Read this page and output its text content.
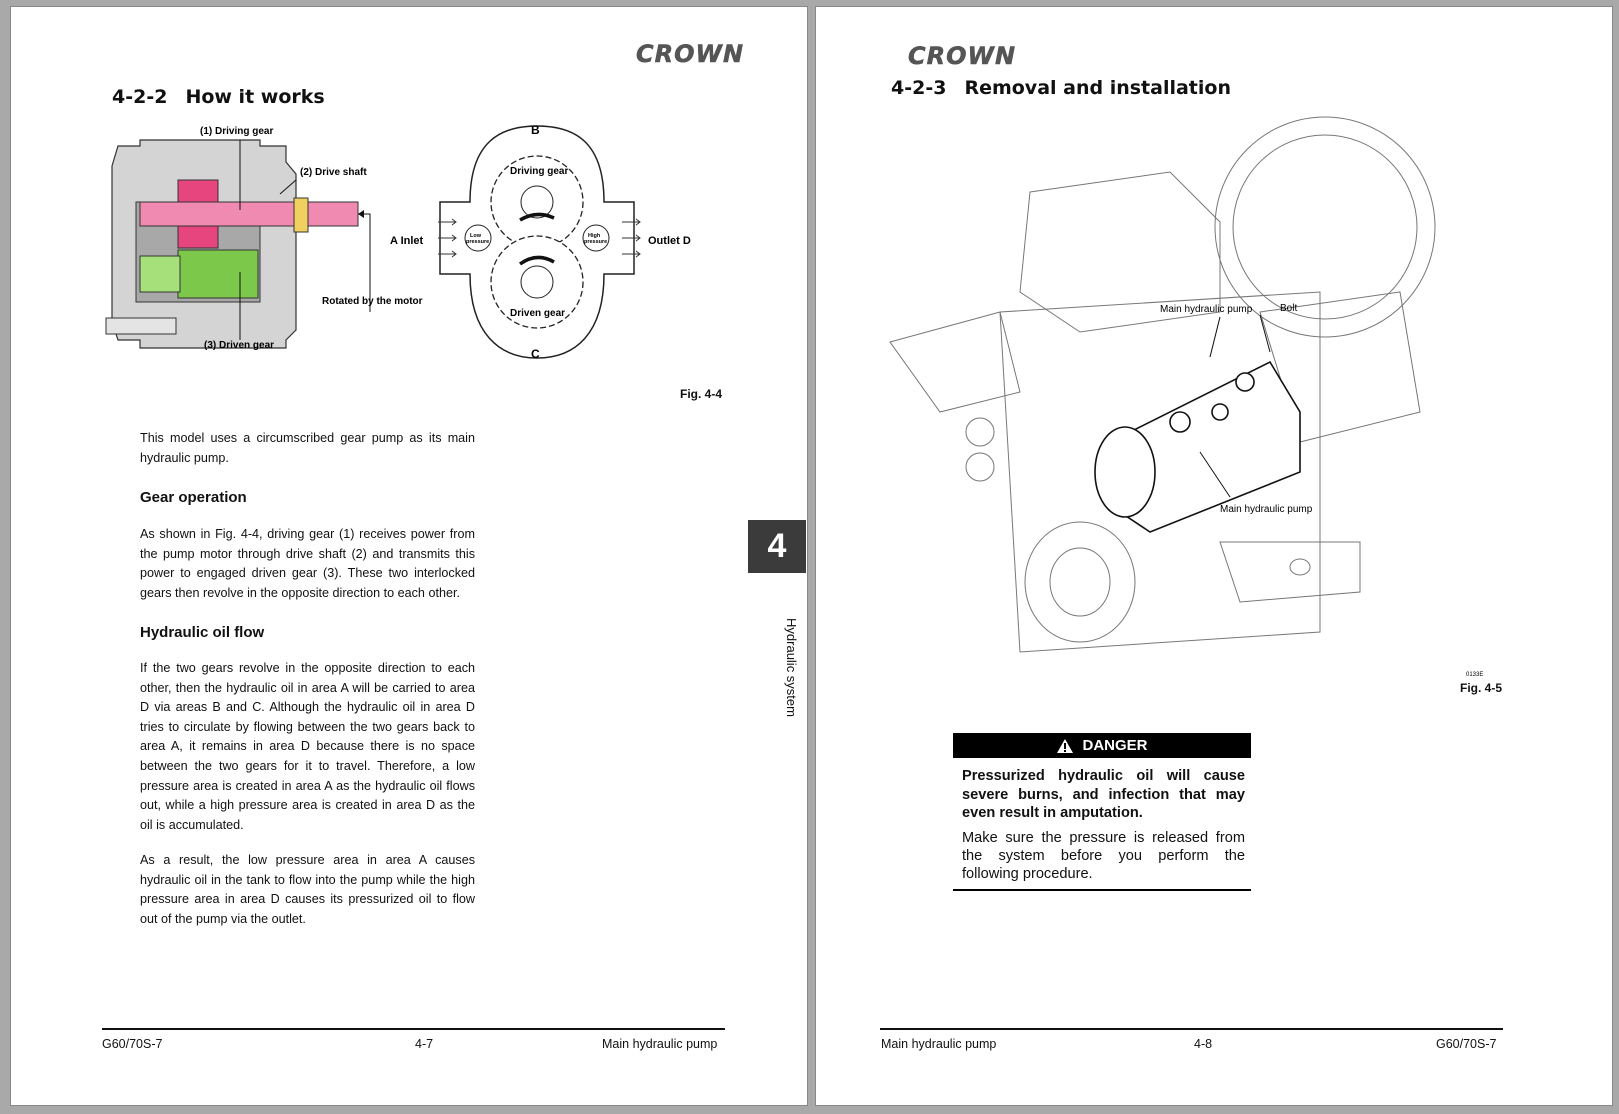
CROWN
4-2-2 How it works
(1) Driving gear
(2) Drive shaft
Rotated by the motor
(3) Driven gear
Low
pressure
High
pressure
B
C
A Inlet	Outlet D
Driving gear
Driven gear
Fig. 4-4
This model uses a circumscribed gear pump as its main hydraulic pump.
Gear operation
As shown in Fig. 4-4, driving gear (1) receives power from the pump motor through drive shaft (2) and transmits this power to engaged driven gear (3). These two interlocked gears then revolve in the opposite direction to each other.
Hydraulic oil flow
If the two gears revolve in the opposite direction to each other, then the hydraulic oil in area A will be carried to area D via areas B and C. Although the hydraulic oil in area D tries to circulate by flowing between the two gears back to area A, it remains in area D because there is no space between the two gears for it to travel. Therefore, a low pressure area is created in area A as the hydraulic oil flows out, while a high pressure area is created in area D as the oil is accumulated.
As a result, the low pressure area in area A causes hydraulic oil in the tank to flow into the pump while the high pressure area in area D causes its pressurized oil to flow out of the pump via the outlet.
G60/70S-7	4-7	Main hydraulic pump
4
Hydraulic system
CROWN
4-2-3 Removal and installation
Main hydraulic pump	Bolt
Main hydraulic pump
0133E
Fig. 4-5
DANGER
Pressurized hydraulic oil will cause severe burns, and infection that may even result in amputation.
Make sure the pressure is released from the system before you perform the following procedure.
Main hydraulic pump	4-8	G60/70S-7
